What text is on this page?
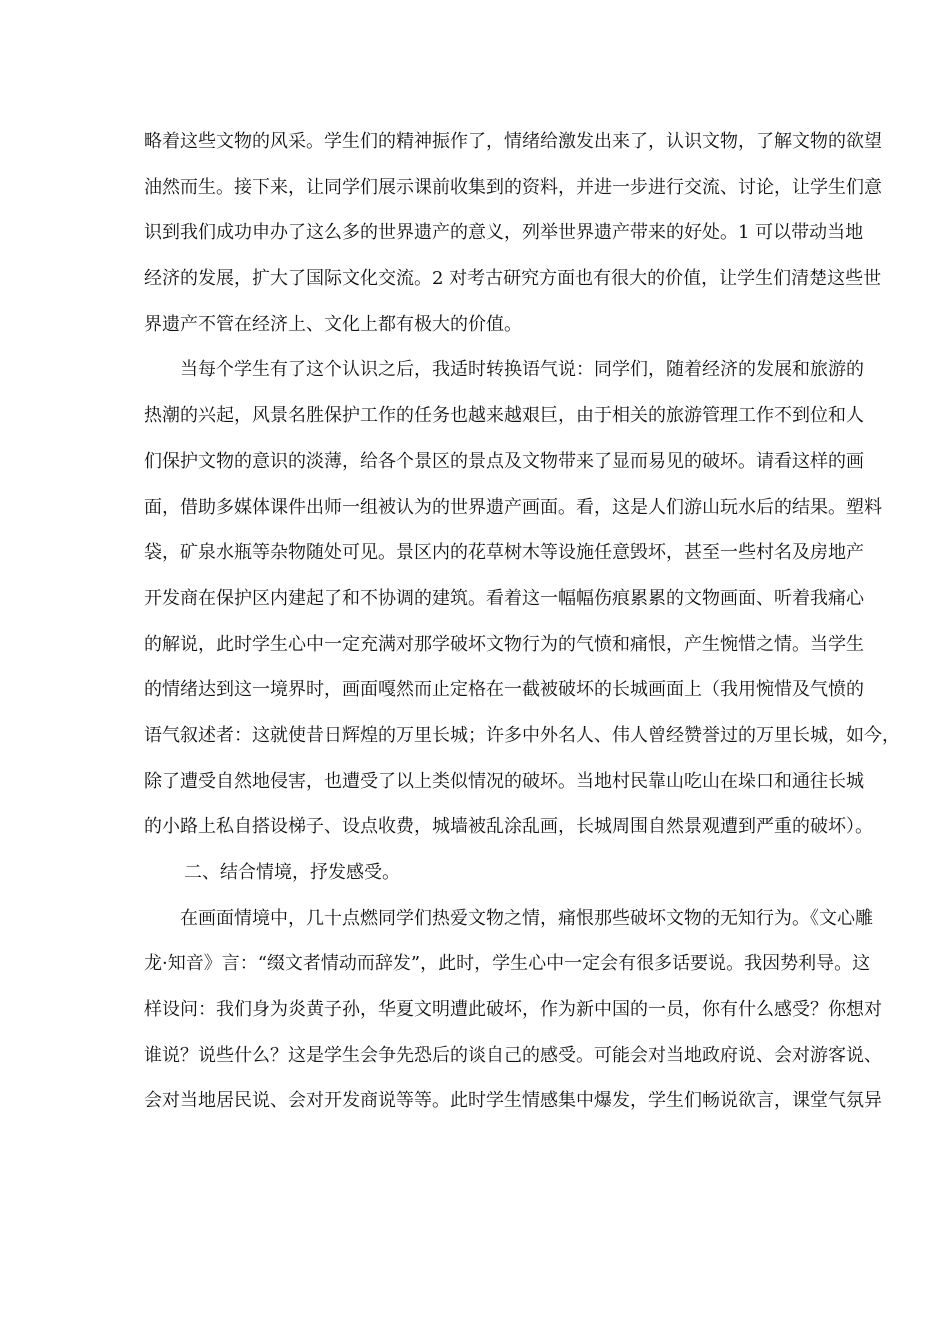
略着这些文物的风采。学生们的精神振作了，情绪给激发出来了，认识文物，了解文物的欲望
油然而生。接下来，让同学们展示课前收集到的资料，并进一步进行交流、讨论，让学生们意
识到我们成功申办了这么多的世界遗产的意义，列举世界遗产带来的好处。1 可以带动当地
经济的发展，扩大了国际文化交流。2 对考古研究方面也有很大的价值，让学生们清楚这些世
界遗产不管在经济上、文化上都有极大的价值。
当每个学生有了这个认识之后，我适时转换语气说：同学们，随着经济的发展和旅游的
热潮的兴起，风景名胜保护工作的任务也越来越艰巨，由于相关的旅游管理工作不到位和人
们保护文物的意识的淡薄，给各个景区的景点及文物带来了显而易见的破坏。请看这样的画
面，借助多媒体课件出师一组被认为的世界遗产画面。看，这是人们游山玩水后的结果。塑料
袋，矿泉水瓶等杂物随处可见。景区内的花草树木等设施任意毁坏，甚至一些村名及房地产
开发商在保护区内建起了和不协调的建筑。看着这一幅幅伤痕累累的文物画面、听着我痛心
的解说，此时学生心中一定充满对那学破坏文物行为的气愤和痛恨，产生惋惜之情。当学生
的情绪达到这一境界时，画面嘎然而止定格在一截被破坏的长城画面上（我用惋惜及气愤的
语气叙述者：这就使昔日辉煌的万里长城；许多中外名人、伟人曾经赞誉过的万里长城，如今，
除了遭受自然地侵害，也遭受了以上类似情况的破坏。当地村民靠山吃山在垛口和通往长城
的小路上私自搭设梯子、设点收费，城墙被乱涂乱画，长城周围自然景观遭到严重的破坏）。
二、结合情境，抒发感受。
在画面情境中，几十点燃同学们热爱文物之情，痛恨那些破坏文物的无知行为。《文心雕
龙·知音》言：“缀文者情动而辞发”，此时，学生心中一定会有很多话要说。我因势利导。这
样设问：我们身为炎黄子孙，华夏文明遭此破坏，作为新中国的一员，你有什么感受？你想对
谁说？说些什么？这是学生会争先恐后的谈自己的感受。可能会对当地政府说、会对游客说、
会对当地居民说、会对开发商说等等。此时学生情感集中爆发，学生们畅说欲言，课堂气氛异
